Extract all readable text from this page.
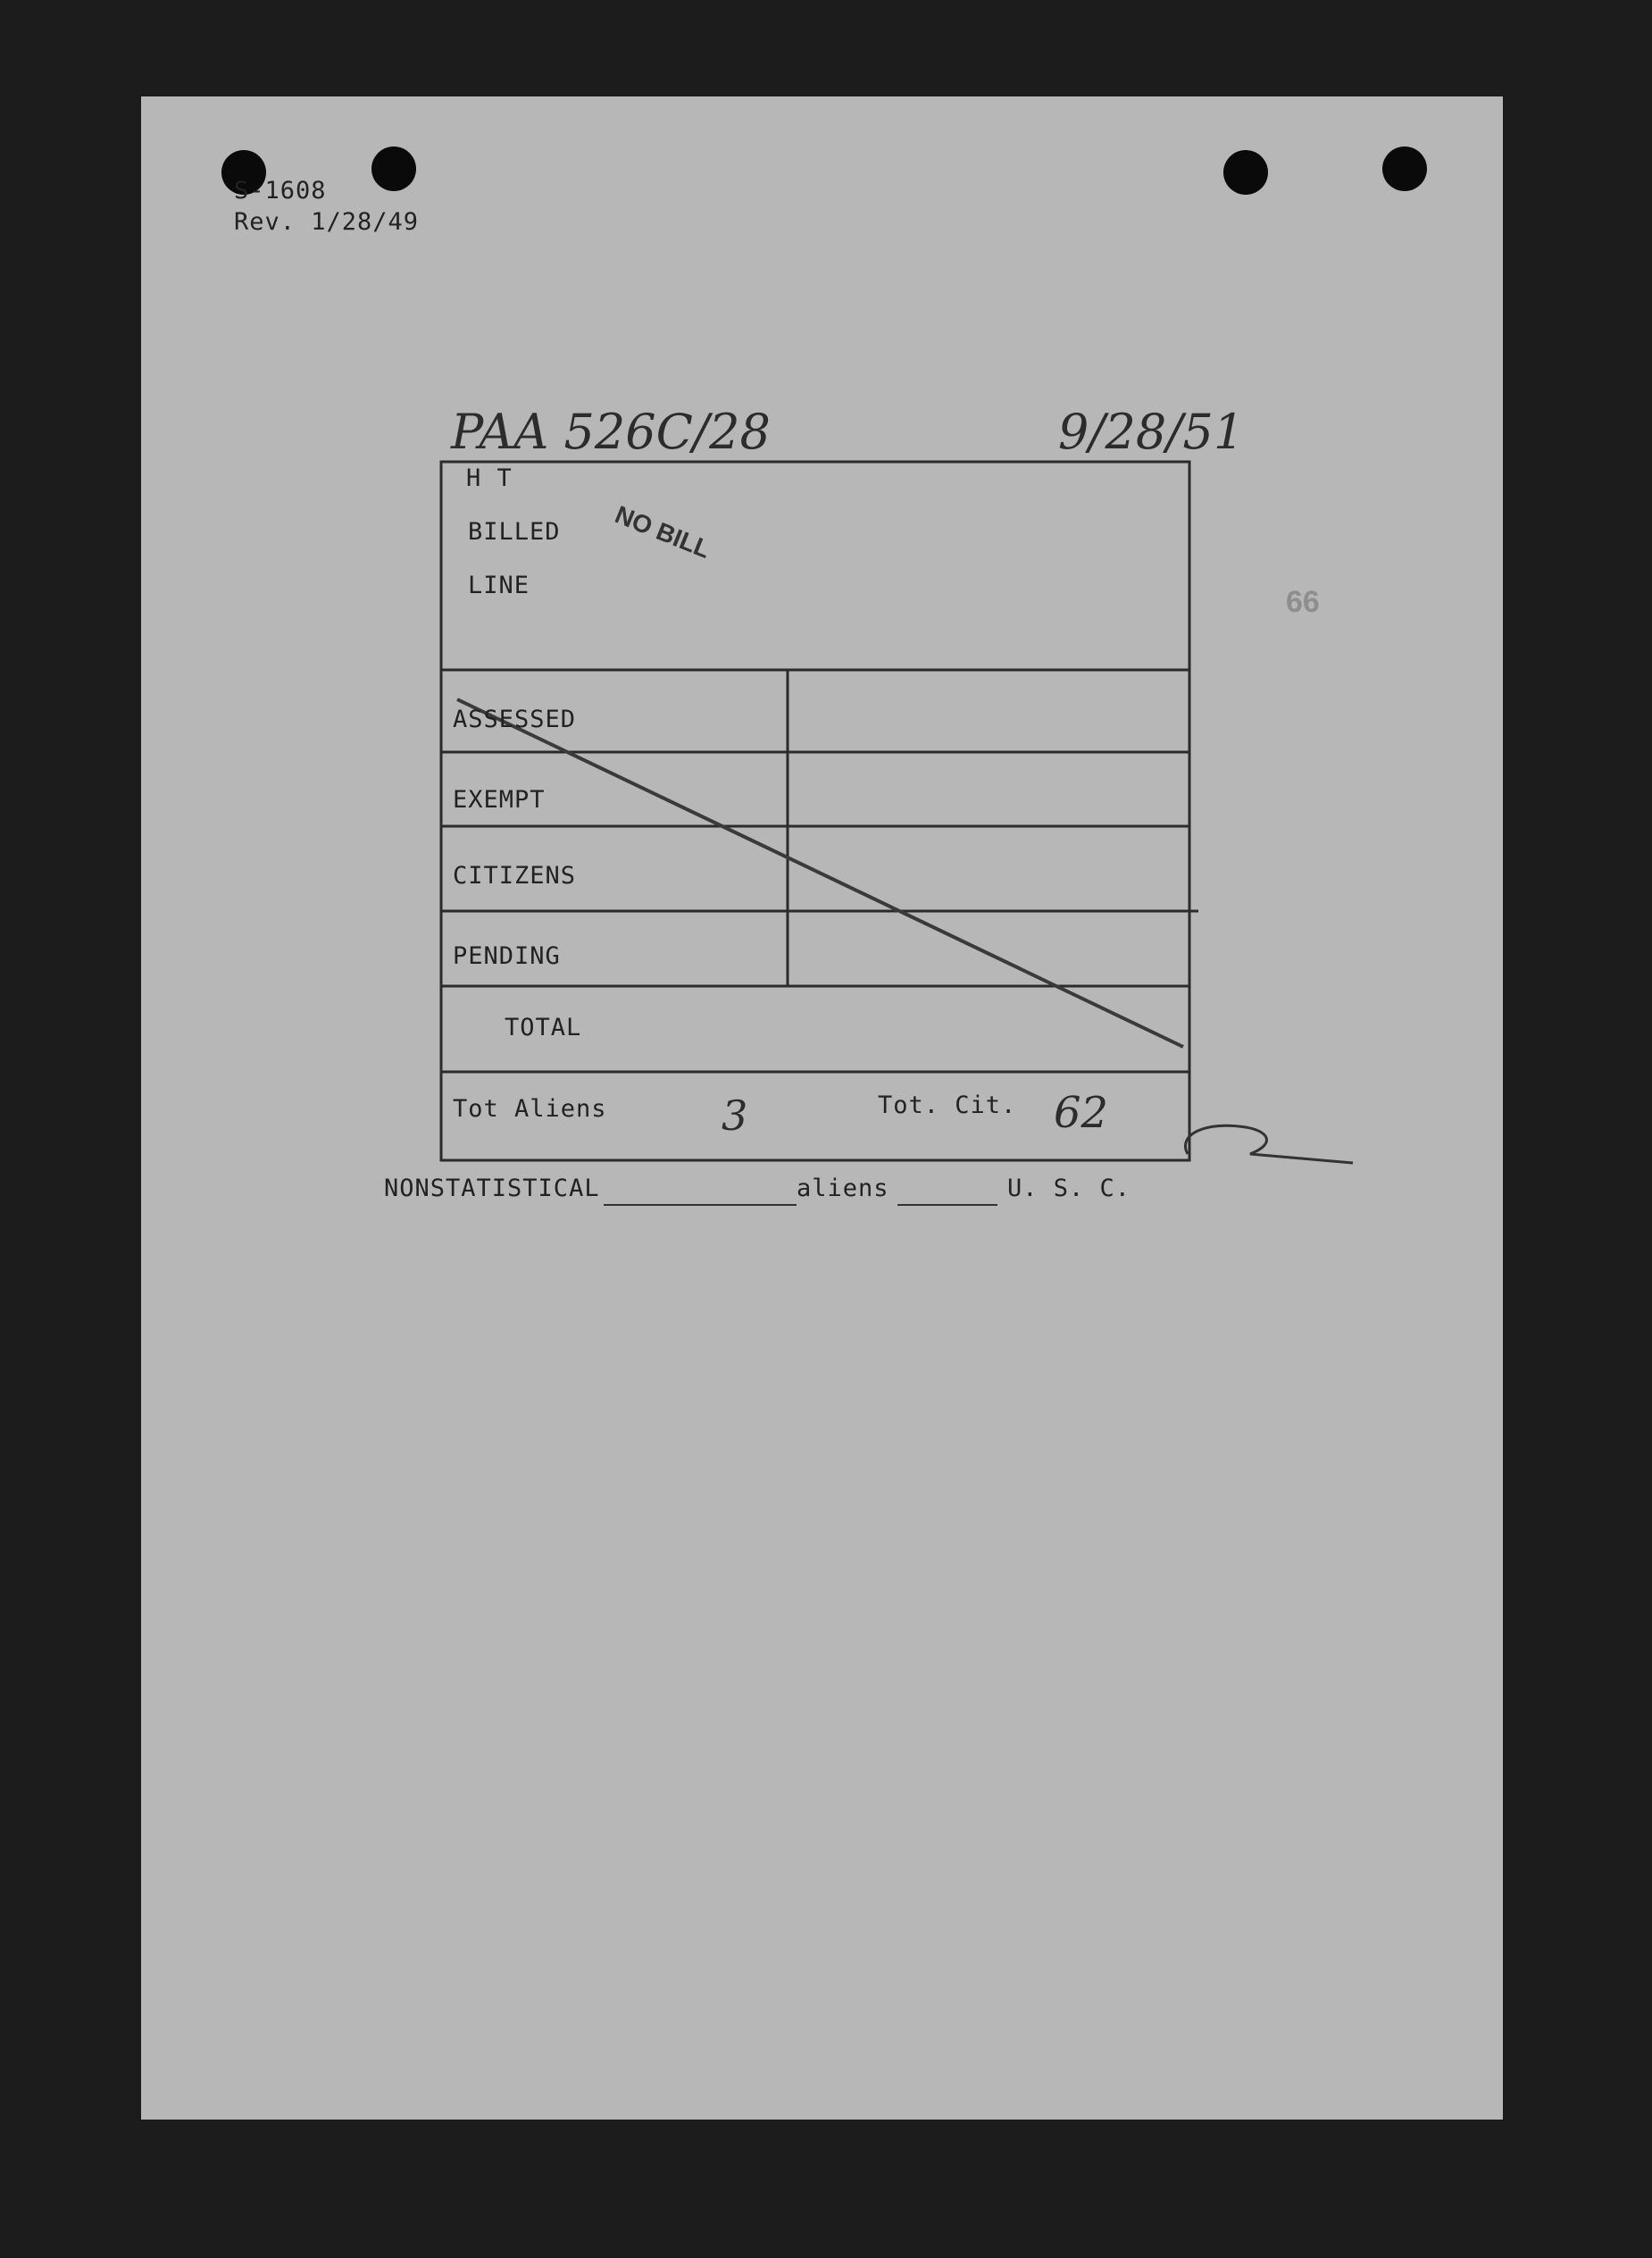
S-1608
Rev. 1/28/49
PAA 526C/28	9/28/51
66
H T
BILLED
LINE
NO BILL
ASSESSED
EXEMPT
CITIZENS
PENDING
TOTAL
Tot Aliens	3	Tot. Cit. 62
NONSTATISTICAL	aliens	U. S. C.
